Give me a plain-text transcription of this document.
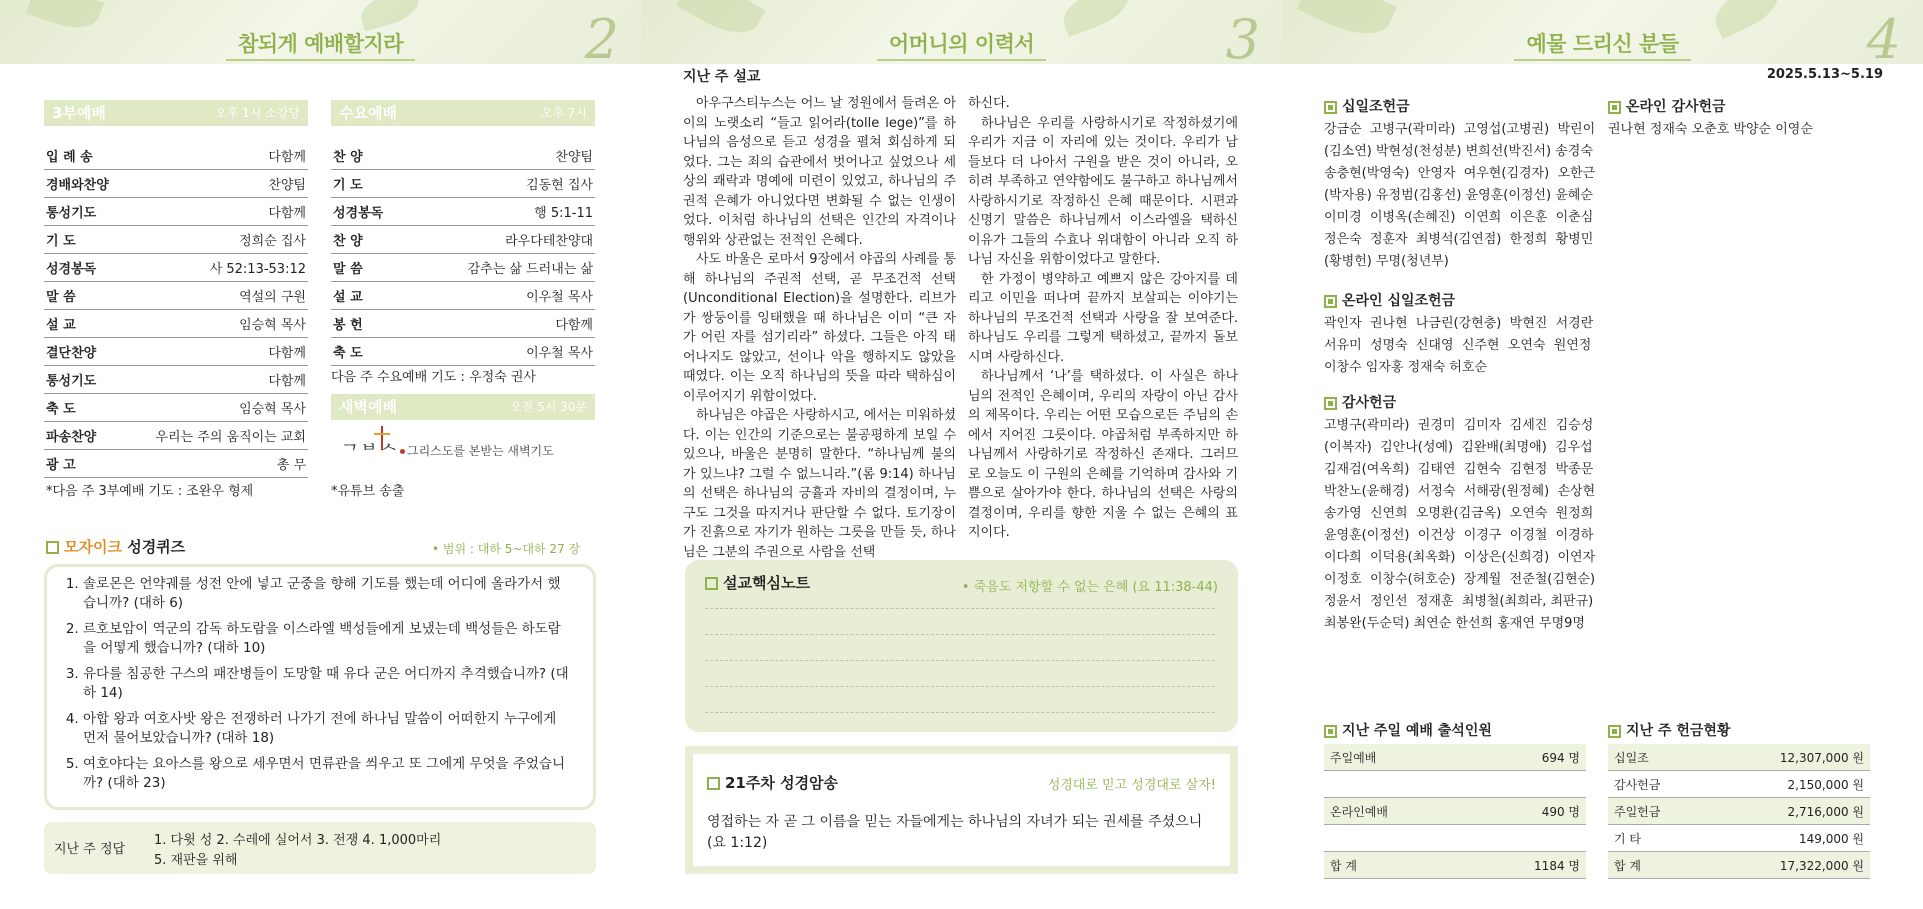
참되게 예배할지라	2
3부예배	오후 1시 소강당
입 례 송	다함께
경배와찬양	찬양팀
통성기도	다함께
기 도	정희순 집사
성경봉독	사 52:13-53:12
말 씀	역설의 구원
설 교	임승혁 목사
결단찬양	다함께
통성기도	다함께
축 도	임승혁 목사
파송찬양	우리는 주의 움직이는 교회
광 고	총 무
*다음 주 3부예배 기도 : 조완우 형제
수요예배	오후 7시
찬 양	찬양팀
기 도	김동현 집사
성경봉독	행 5:1-11
찬 양	라우다테찬양대
말 씀	감추는 삶 드러내는 삶
설 교	이우철 목사
봉 헌	다함께
축 도	이우철 목사
다음 주 수요예배 기도 : 우정숙 권사
새벽예배	오전 5시 30분
ᄀᄇᄉ 그리스도를 본받는 새벽기도
*유튜브 송출
모자이크 성경퀴즈	• 범위 : 대하 5~대하 27 장
1. 솔로몬은 언약궤를 성전 안에 넣고 군중을 향해 기도를 했는데 어디에 올라가서 했습니까? (대하 6)
2. 르호보암이 역군의 감독 하도람을 이스라엘 백성들에게 보냈는데 백성들은 하도람을 어떻게 했습니까? (대하 10)
3. 유다를 침공한 구스의 패잔병들이 도망할 때 유다 군은 어디까지 추격했습니까? (대하 14)
4. 아합 왕과 여호사밧 왕은 전쟁하러 나가기 전에 하나님 말씀이 어떠한지 누구에게 먼저 물어보았습니까? (대하 18)
5. 여호야다는 요아스를 왕으로 세우면서 면류관을 씌우고 또 그에게 무엇을 주었습니까? (대하 23)
지난 주 정답
1. 다윗 성 2. 수레에 실어서 3. 전쟁 4. 1,000마리
5. 재판을 위해
어머니의 이력서	3
지난 주 설교

아우구스티누스는 어느 날 정원에서 들려온 아이의 노랫소리 “들고 읽어라(tolle lege)”를 하나님의 음성으로 듣고 성경을 펼쳐 회심하게 되었다. 그는 죄의 습관에서 벗어나고 싶었으나 세상의 쾌락과 명예에 미련이 있었고, 하나님의 주권적 은혜가 아니었다면 변화될 수 없는 인생이었다. 이처럼 하나님의 선택은 인간의 자격이나 행위와 상관없는 전적인 은혜다.

사도 바울은 로마서 9장에서 야곱의 사례를 통해 하나님의 주권적 선택, 곧 무조건적 선택(Unconditional Election)을 설명한다. 리브가가 쌍둥이를 잉태했을 때 하나님은 이미 “큰 자가 어린 자를 섬기리라” 하셨다. 그들은 아직 태어나지도 않았고, 선이나 악을 행하지도 않았을 때였다. 이는 오직 하나님의 뜻을 따라 택하심이 이루어지기 위함이었다.

하나님은 야곱은 사랑하시고, 에서는 미워하셨다. 이는 인간의 기준으로는 불공평하게 보일 수 있으나, 바울은 분명히 말한다. “하나님께 불의가 있느냐? 그럴 수 없느니라.”(롬 9:14) 하나님의 선택은 하나님의 긍휼과 자비의 결정이며, 누구도 그것을 따지거나 판단할 수 없다. 토기장이가 진흙으로 자기가 원하는 그릇을 만들 듯, 하나님은 그분의 주권으로 사람을 선택

하신다.

하나님은 우리를 사랑하시기로 작정하셨기에 우리가 지금 이 자리에 있는 것이다. 우리가 남들보다 더 나아서 구원을 받은 것이 아니라, 오히려 부족하고 연약함에도 불구하고 하나님께서 사랑하시기로 작정하신 은혜 때문이다. 시편과 신명기 말씀은 하나님께서 이스라엘을 택하신 이유가 그들의 수효나 위대함이 아니라 오직 하나님 자신을 위함이었다고 말한다.

한 가정이 병약하고 예쁘지 않은 강아지를 데리고 이민을 떠나며 끝까지 보살피는 이야기는 하나님의 무조건적 선택과 사랑을 잘 보여준다. 하나님도 우리를 그렇게 택하셨고, 끝까지 돌보시며 사랑하신다.

하나님께서 ‘나’를 택하셨다. 이 사실은 하나님의 전적인 은혜이며, 우리의 자랑이 아닌 감사의 제목이다. 우리는 어떤 모습으로든 주님의 손에서 지어진 그릇이다. 야곱처럼 부족하지만 하나님께서 사랑하기로 작정하신 존재다. 그러므로 오늘도 이 구원의 은혜를 기억하며 감사와 기쁨으로 살아가야 한다. 하나님의 선택은 사랑의 결정이며, 우리를 향한 지울 수 없는 은혜의 표지이다.

설교핵심노트	• 죽음도 저항할 수 없는 은혜 (요 11:38-44)
21주차 성경암송	성경대로 믿고 성경대로 살자!
영접하는 자 곧 그 이름을 믿는 자들에게는 하나님의 자녀가 되는 권세를 주셨으니 (요 1:12)
예물 드리신 분들	4
2025.5.13~5.19
십일조헌금
강금순  고병구(곽미라)  고영섭(고병권)  박린이
(김소연) 박현성(천성분) 변희선(박진서) 송경숙
송충현(박영숙)  안영자  여우현(김경자)  오한근
(박자용) 유정범(김홍선) 윤영훈(이정선) 윤혜순
이미경  이병옥(손혜진)  이연희  이은훈  이춘심
정은숙  정훈자  최병석(김연점)  한정희  황병민
(황병헌) 무명(청년부)
온라인 십일조헌금
곽인자  권나현  나금린(강현충)  박현진  서경란
서유미  성명숙  신대영  신주현  오연숙  원연정
이창수 임자홍 정재숙 허호순
감사헌금
고병구(곽미라)  권경미  김미자  김세진  김승성
(이복자)  김안나(성예)  김완배(최명애)  김우섭
김재검(여옥희)  김태연  김현숙  김현정  박종문
박찬노(윤해경)  서정숙  서해광(원정혜)  손상현
송가영  신연희  오명환(김금옥)  오연숙  원정희
윤영훈(이정선)  이건상  이경구  이경철  이경하
이다희  이덕용(최옥화)  이상은(신희경)  이연자
이정호  이창수(허호순)  장계월  전준철(김현순)
정윤서  정인선  정재훈  최병철(최희라, 최판규)
최봉완(두순덕) 최연순 한선희 홍재연 무명9명
온라인 감사헌금
권나현 정재숙 오춘호 박양순 이영순
지난 주일 예배 출석인원
주일예배	694 명

온라인예배	490 명

합 계	1184 명
지난 주 헌금현황
십일조	12,307,000 원
감사헌금	2,150,000 원
주일헌금	2,716,000 원
기 타	149,000 원
합 계	17,322,000 원
